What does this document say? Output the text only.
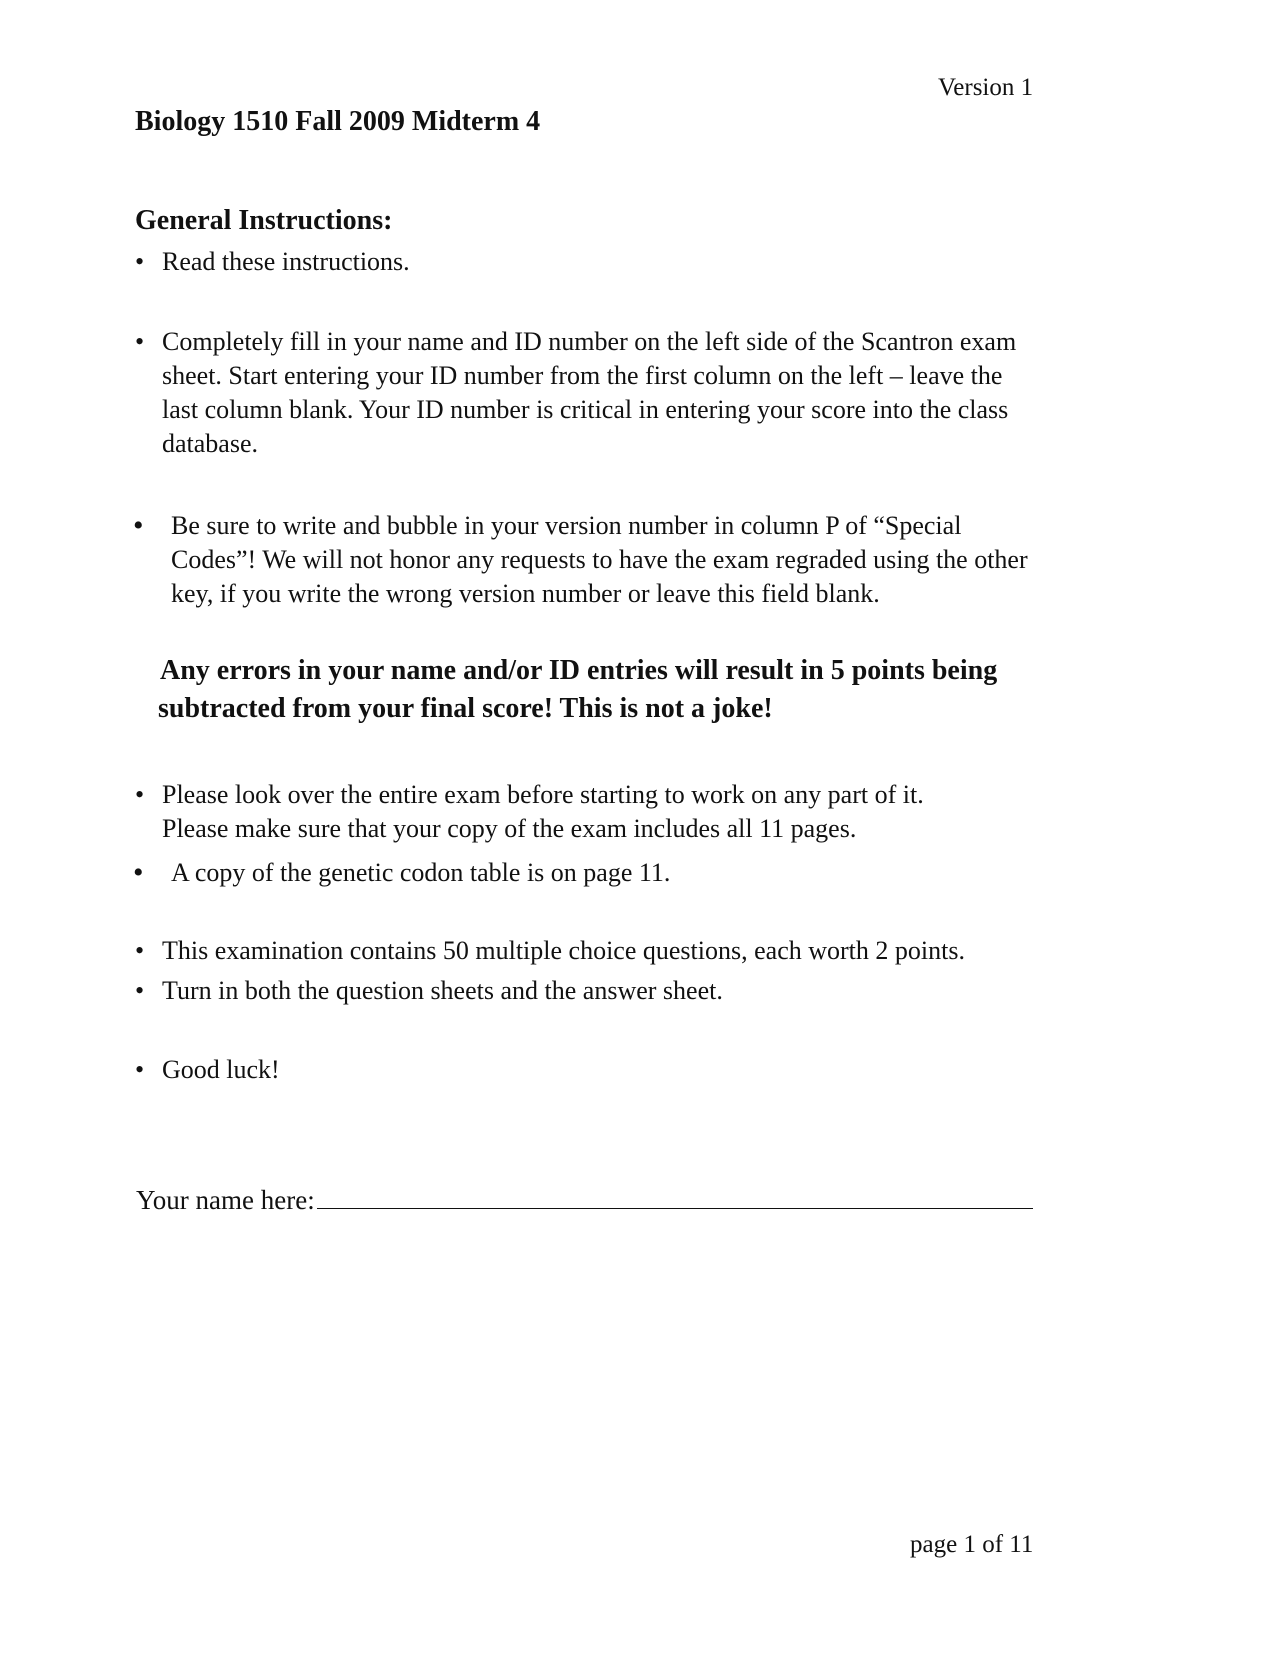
Version 1
Biology 1510 Fall 2009 Midterm 4
General Instructions:
• Read these instructions.
• Completely fill in your name and ID number on the left side of the Scantron exam
sheet. Start entering your ID number from the first column on the left – leave the
last column blank. Your ID number is critical in entering your score into the class
database.
• Be sure to write and bubble in your version number in column P of “Special
Codes”! We will not honor any requests to have the exam regraded using the other
key, if you write the wrong version number or leave this field blank.
Any errors in your name and/or ID entries will result in 5 points being
subtracted from your final score! This is not a joke!
• Please look over the entire exam before starting to work on any part of it.
Please make sure that your copy of the exam includes all 11 pages.
• A copy of the genetic codon table is on page 11.
• This examination contains 50 multiple choice questions, each worth 2 points.
• Turn in both the question sheets and the answer sheet.
• Good luck!
Your name here:
page 1 of 11
